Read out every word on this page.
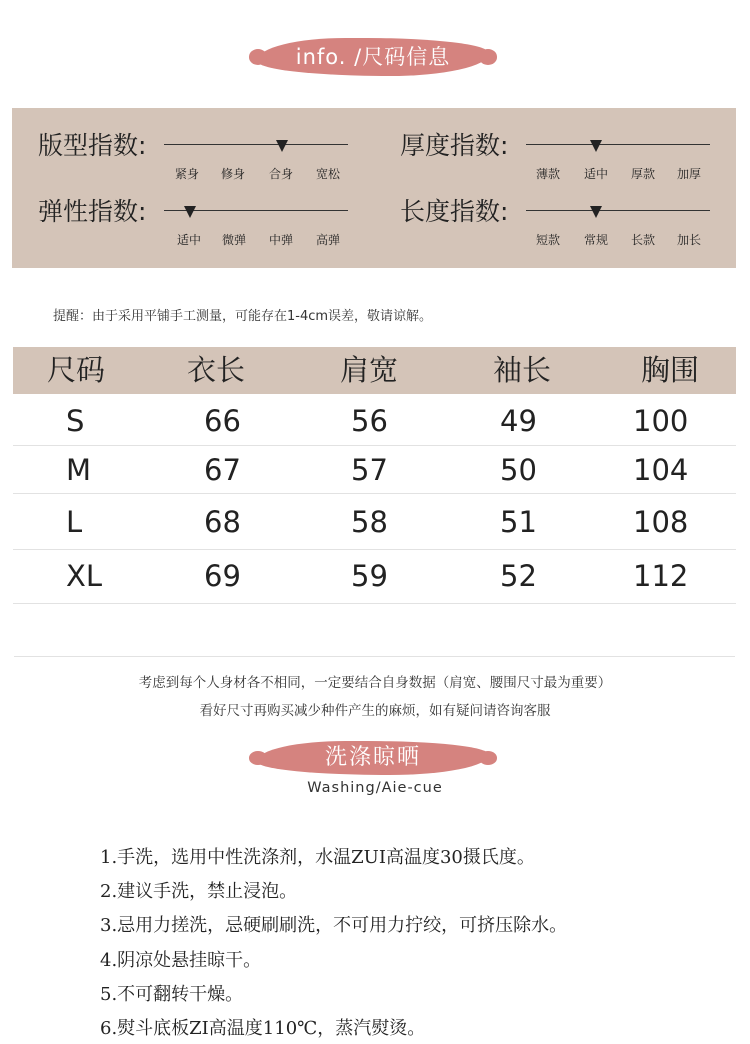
info. /尺码信息
版型指数:
紧身 修身 合身 宽松
厚度指数:
薄款 适中 厚款 加厚
弹性指数:
适中 微弹 中弹 高弹
长度指数:
短款 常规 长款 加长
提醒：由于采用平铺手工测量，可能存在1-4cm误差，敬请谅解。
尺码	衣长	肩宽	袖长	胸围
S	66	56	49	100
M	67	57	50	104
L	68	58	51	108
XL	69	59	52	112
考虑到每个人身材各不相同，一定要结合自身数据（肩宽、腰围尺寸最为重要）
看好尺寸再购买减少种件产生的麻烦，如有疑问请咨询客服
洗涤晾晒
Washing/Aie-cue
1.手洗，选用中性洗涤剂，水温ZUI高温度30摄氏度。
2.建议手洗，禁止浸泡。
3.忌用力搓洗，忌硬刷刷洗，不可用力拧绞，可挤压除水。
4.阴凉处悬挂晾干。
5.不可翻转干燥。
6.熨斗底板ZI高温度110℃，蒸汽熨烫。
